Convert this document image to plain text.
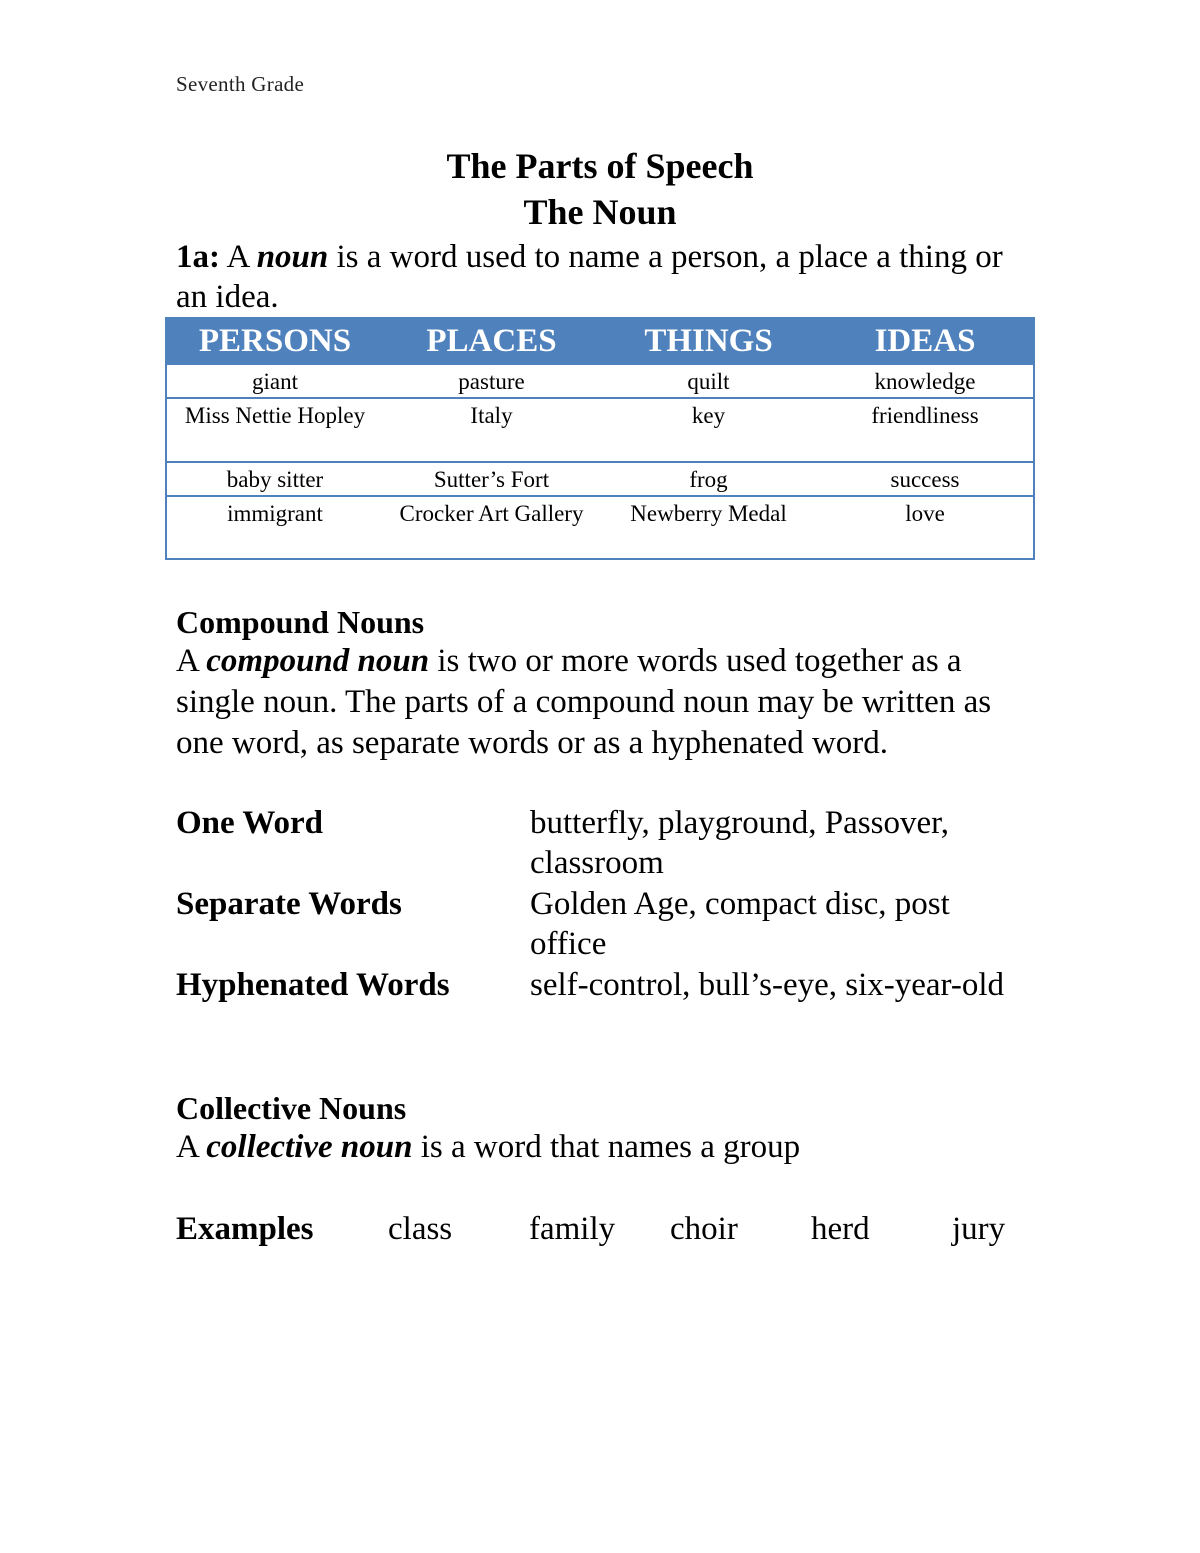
Seventh Grade
The Parts of Speech
The Noun
1a: A noun is a word used to name a person, a place a thing or an idea.
PERSONS	PLACES	THINGS	IDEAS
giant	pasture	quilt	knowledge
Miss Nettie Hopley	Italy	key	friendliness
baby sitter	Sutter’s Fort	frog	success
immigrant	Crocker Art Gallery	Newberry Medal	love
Compound Nouns
A compound noun is two or more words used together as a single noun. The parts of a compound noun may be written as one word, as separate words or as a hyphenated word.
One Word	butterfly, playground, Passover, classroom
Separate Words	Golden Age, compact disc, post office
Hyphenated Words self-control, bull’s-eye, six-year-old
Collective Nouns
A collective noun is a word that names a group
Examples class family choir herd jury
